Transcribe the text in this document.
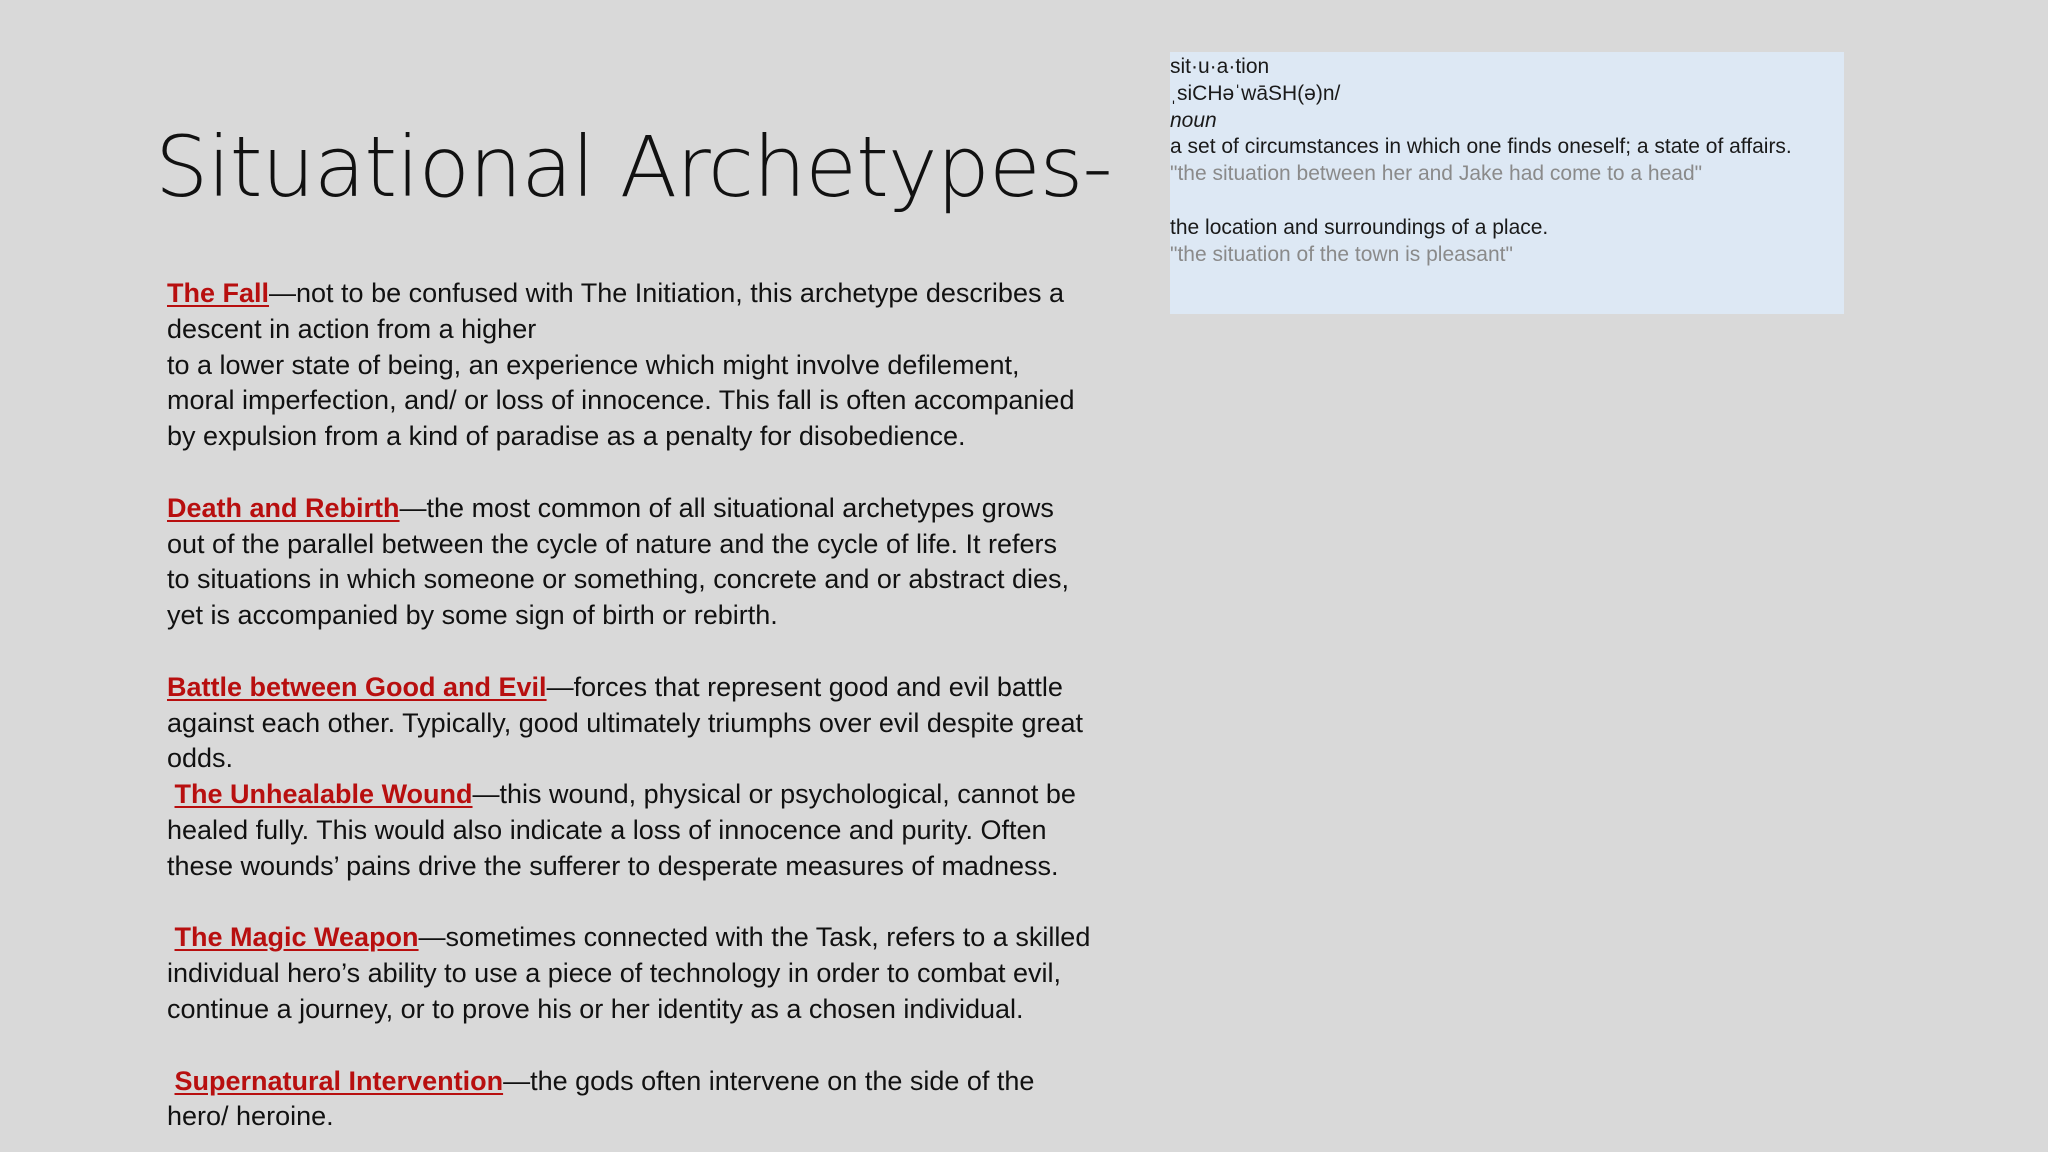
Situational Archetypes-

The Fall—not to be confused with The Initiation, this archetype describes a
descent in action from a higher
to a lower state of being, an experience which might involve defilement,
moral imperfection, and/ or loss of innocence. This fall is often accompanied
by expulsion from a kind of paradise as a penalty for disobedience.

Death and Rebirth—the most common of all situational archetypes grows
out of the parallel between the cycle of nature and the cycle of life. It refers
to situations in which someone or something, concrete and or abstract dies,
yet is accompanied by some sign of birth or rebirth.

Battle between Good and Evil—forces that represent good and evil battle
against each other. Typically, good ultimately triumphs over evil despite great
odds.

The Unhealable Wound—this wound, physical or psychological, cannot be
healed fully. This would also indicate a loss of innocence and purity. Often
these wounds’ pains drive the sufferer to desperate measures of madness.

The Magic Weapon—sometimes connected with the Task, refers to a skilled
individual hero’s ability to use a piece of technology in order to combat evil,
continue a journey, or to prove his or her identity as a chosen individual.

Supernatural Intervention—the gods often intervene on the side of the
hero/ heroine.

sit·u·a·tion
ˌsiCHəˈwāSH(ə)n/
noun
a set of circumstances in which one finds oneself; a state of affairs.
"the situation between her and Jake had come to a head"
the location and surroundings of a place.
"the situation of the town is pleasant"
